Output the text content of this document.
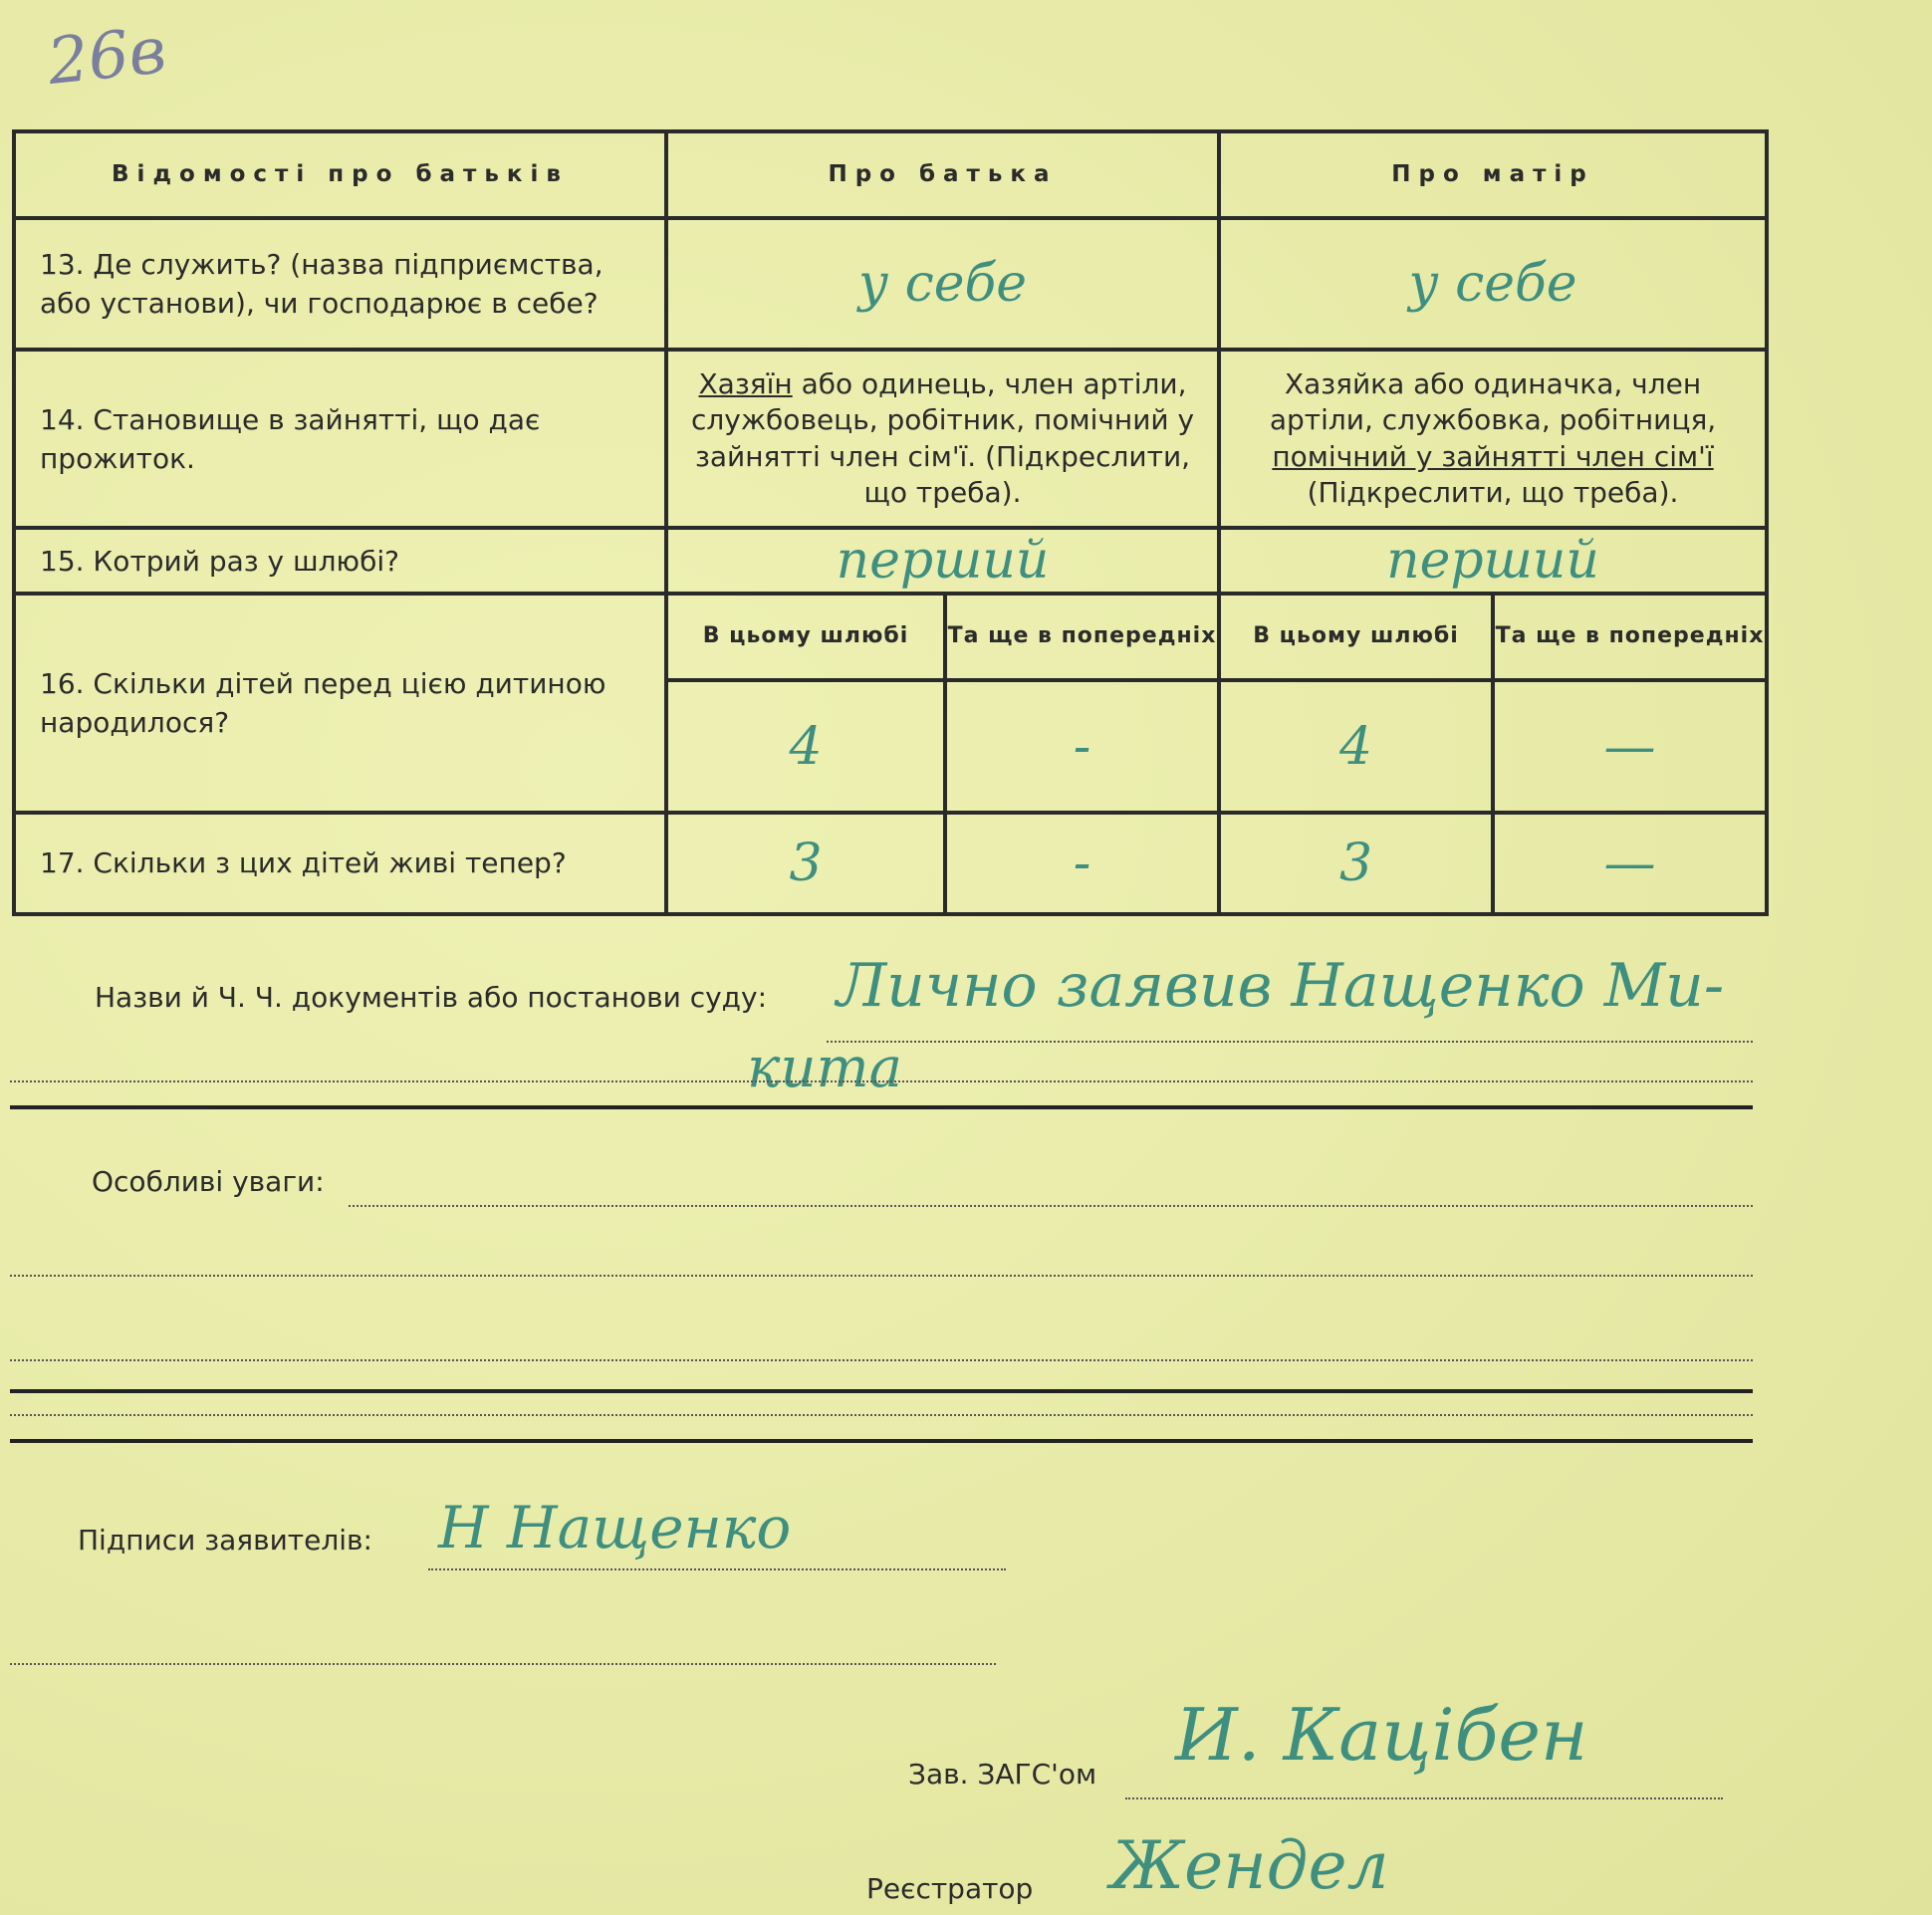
26в
Відомості про батьків	Про батька		Про матір	
13. Де служить? (назва підприємства, або установи), чи господарює в себе?	у себе		у себе	
14. Становище в зайнятті, що дає прожиток.	Хазяїн або одинець, член артіли, службовець, робітник, помічний у зайнятті член сім'ї. (Підкреслити, що треба).		Хазяйка або одиначка, член артіли, службовка, робітниця, помічний у зайнятті член сім'ї (Підкреслити, що треба).	
15. Котрий раз у шлюбі?	перший		перший	
16. Скільки дітей перед цією дитиною народилося?	В цьому шлюбі	Та ще в попередніх	В цьому шлюбі	Та ще в попередніх
	4	-	4	—
17. Скільки з цих дітей живі тепер?	3	-	3	—
Назви й Ч. Ч. документів або постанови суду: Лично заявив Нащенко Ми-
кита
Особливі уваги:
Підписи заявителів: Н Нащенко
Зав. ЗАГС'ом И. Кацібен
Реєстратор Жендел
